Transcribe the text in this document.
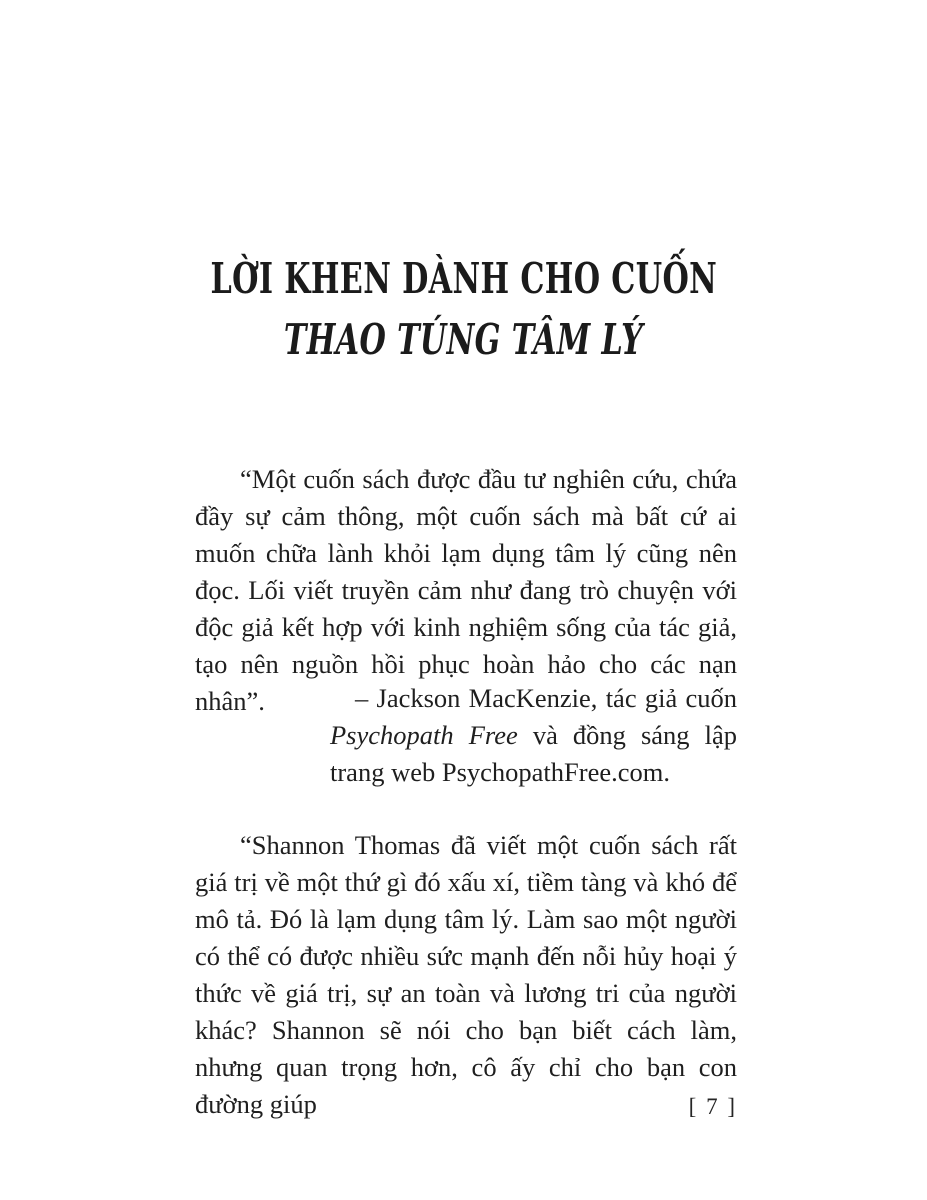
LỜI KHEN DÀNH CHO CUỐN
THAO TÚNG TÂM LÝ

“Một cuốn sách được đầu tư nghiên cứu, chứa đầy sự cảm thông, một cuốn sách mà bất cứ ai muốn chữa lành khỏi lạm dụng tâm lý cũng nên đọc. Lối viết truyền cảm như đang trò chuyện với độc giả kết hợp với kinh nghiệm sống của tác giả, tạo nên nguồn hồi phục hoàn hảo cho các nạn nhân”.	– Jackson MacKenzie, tác giả cuốn Psychopath Free và đồng sáng lập trang web PsychopathFree.com.

“Shannon Thomas đã viết một cuốn sách rất giá trị về một thứ gì đó xấu xí, tiềm tàng và khó để mô tả. Đó là lạm dụng tâm lý. Làm sao một người có thể có được nhiều sức mạnh đến nỗi hủy hoại ý thức về giá trị, sự an toàn và lương tri của người khác? Shannon sẽ nói cho bạn biết cách làm, nhưng quan trọng hơn, cô ấy chỉ cho bạn con đường giúp	[ 7 ]
